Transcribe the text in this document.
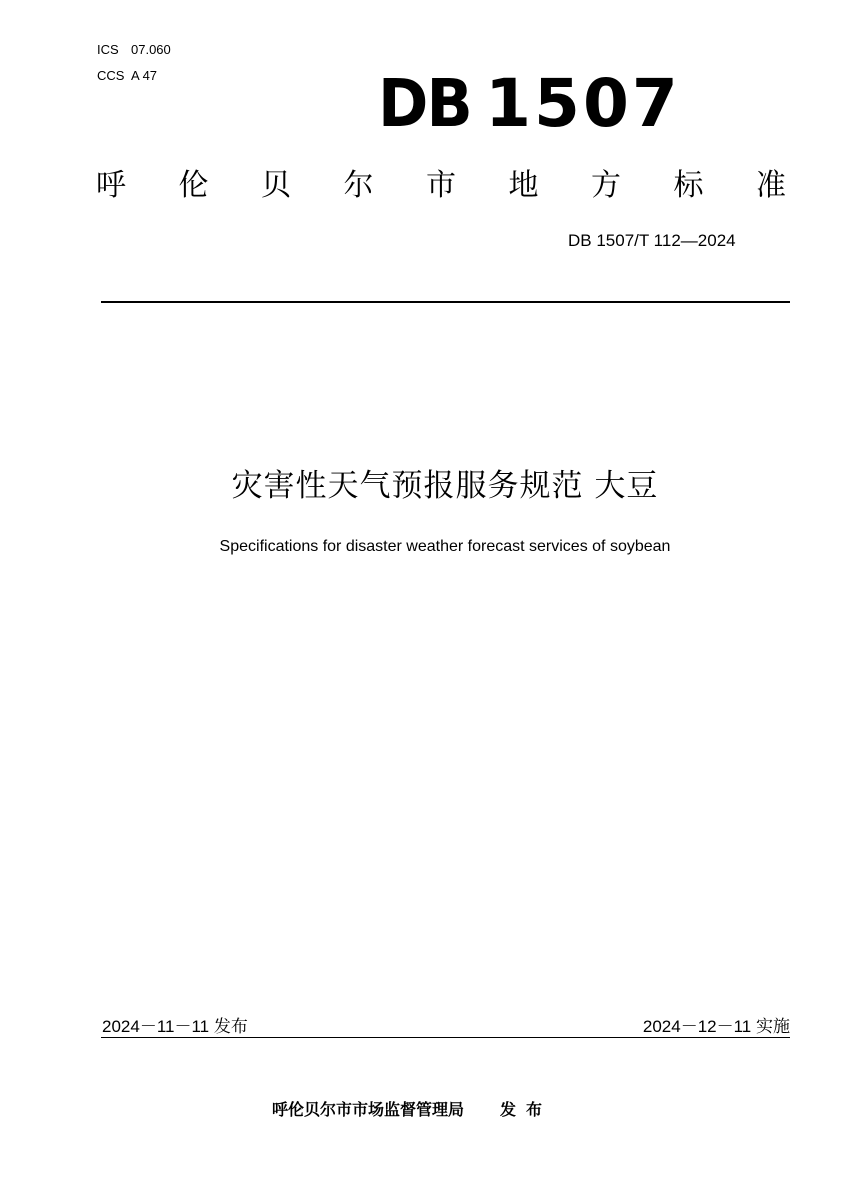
ICS 07.060
CCS A 47	DB 1507
呼 伦 贝 尔 市 地 方 标 准
DB 1507/T 112—2024
灾害性天气预报服务规范 大豆
Specifications for disaster weather forecast services of soybean
2024－11－11 发布	2024－12－11 实施
呼伦贝尔市市场监督管理局 发布
